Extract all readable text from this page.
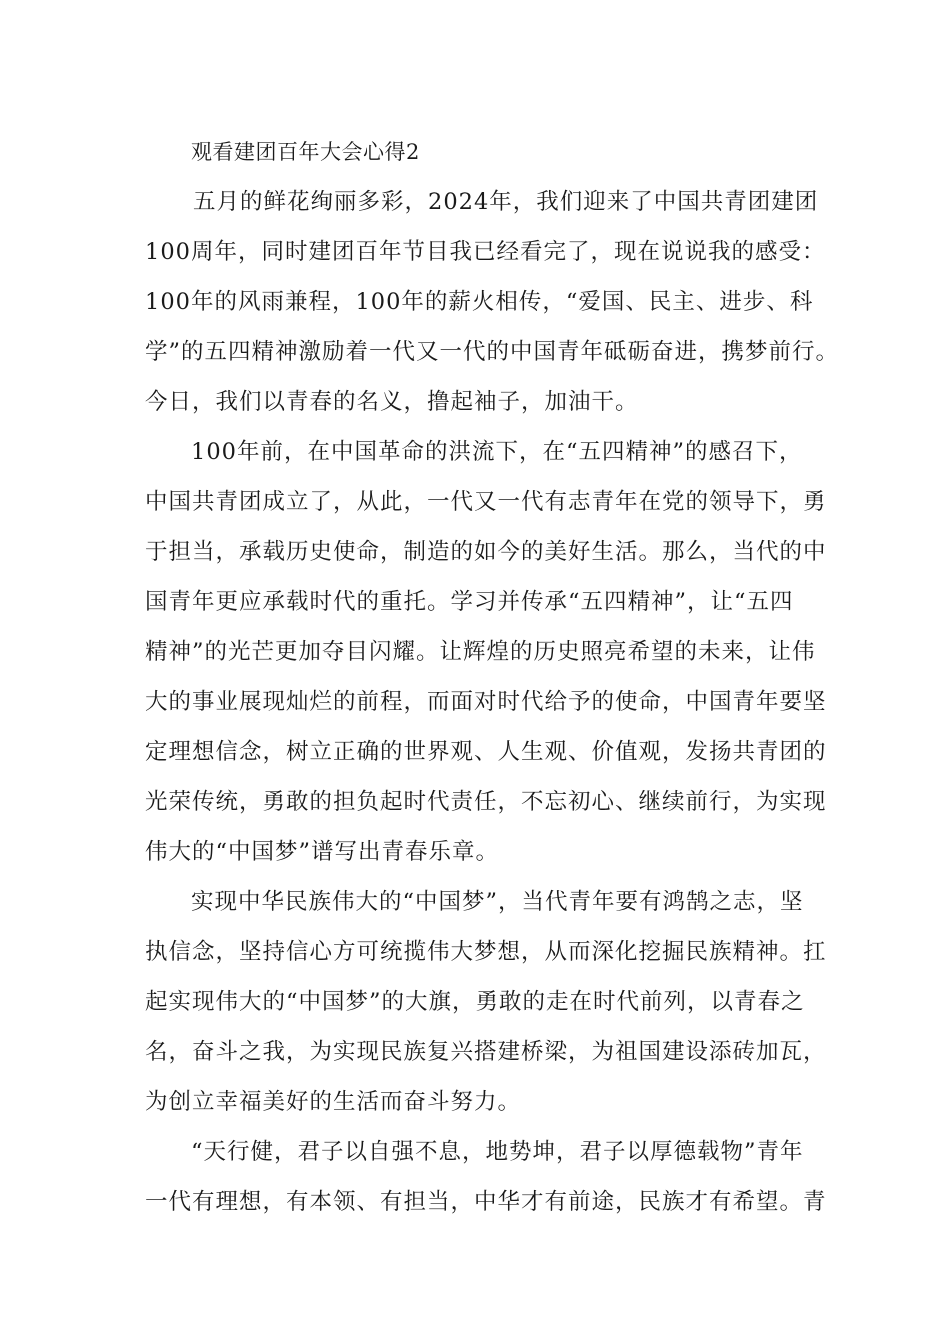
观看建团百年大会心得2

五月的鲜花绚丽多彩，2024年，我们迎来了中国共青团建团
100周年，同时建团百年节目我已经看完了，现在说说我的感受：
100年的风雨兼程，100年的薪火相传，“爱国、民主、进步、科
学”的五四精神激励着一代又一代的中国青年砥砺奋进，携梦前行。
今日，我们以青春的名义，撸起袖子，加油干。

100年前，在中国革命的洪流下，在“五四精神”的感召下，
中国共青团成立了，从此，一代又一代有志青年在党的领导下，勇
于担当，承载历史使命，制造的如今的美好生活。那么，当代的中
国青年更应承载时代的重托。学习并传承“五四精神”，让“五四
精神”的光芒更加夺目闪耀。让辉煌的历史照亮希望的未来，让伟
大的事业展现灿烂的前程，而面对时代给予的使命，中国青年要坚
定理想信念，树立正确的世界观、人生观、价值观，发扬共青团的
光荣传统，勇敢的担负起时代责任，不忘初心、继续前行，为实现
伟大的“中国梦”谱写出青春乐章。

实现中华民族伟大的“中国梦”，当代青年要有鸿鹄之志，坚
执信念，坚持信心方可统揽伟大梦想，从而深化挖掘民族精神。扛
起实现伟大的“中国梦”的大旗，勇敢的走在时代前列，以青春之
名，奋斗之我，为实现民族复兴搭建桥梁，为祖国建设添砖加瓦，
为创立幸福美好的生活而奋斗努力。

“天行健，君子以自强不息，地势坤，君子以厚德载物”青年
一代有理想，有本领、有担当，中华才有前途，民族才有希望。青
